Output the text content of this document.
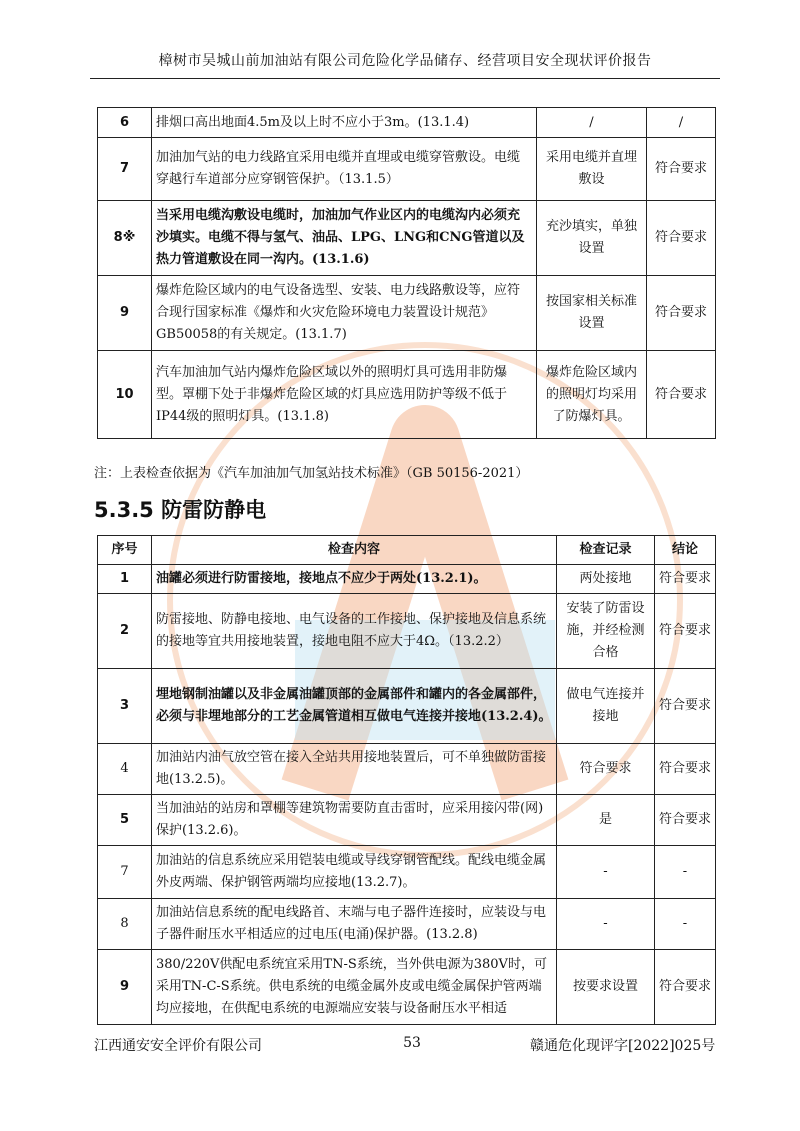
樟树市吴城山前加油站有限公司危险化学品储存、经营项目安全现状评价报告
6	排烟口高出地面4.5m及以上时不应小于3m。(13.1.4)	/	/
7	加油加气站的电力线路宜采用电缆并直埋或电缆穿管敷设。电缆穿越行车道部分应穿钢管保护。（13.1.5）	采用电缆并直埋敷设	符合要求
8※	当采用电缆沟敷设电缆时，加油加气作业区内的电缆沟内必须充沙填实。电缆不得与氢气、油品、LPG、LNG和CNG管道以及热力管道敷设在同一沟内。(13.1.6)	充沙填实，单独设置	符合要求
9	爆炸危险区域内的电气设备选型、安装、电力线路敷设等，应符合现行国家标准《爆炸和火灾危险环境电力装置设计规范》GB50058的有关规定。(13.1.7)	按国家相关标准设置	符合要求
10	汽车加油加气站内爆炸危险区域以外的照明灯具可选用非防爆型。罩棚下处于非爆炸危险区域的灯具应选用防护等级不低于IP44级的照明灯具。(13.1.8)	爆炸危险区域内的照明灯均采用了防爆灯具。	符合要求
注：上表检查依据为《汽车加油加气加氢站技术标准》（GB 50156-2021）
5.3.5 防雷防静电
序号	检查内容	检查记录	结论
1	油罐必须进行防雷接地，接地点不应少于两处(13.2.1)。	两处接地	符合要求
2	防雷接地、防静电接地、电气设备的工作接地、保护接地及信息系统的接地等宜共用接地装置，接地电阻不应大于4Ω。（13.2.2）	安装了防雷设施，并经检测合格	符合要求
3	埋地钢制油罐以及非金属油罐顶部的金属部件和罐内的各金属部件，必须与非埋地部分的工艺金属管道相互做电气连接并接地(13.2.4)。	做电气连接并接地	符合要求
4	加油站内油气放空管在接入全站共用接地装置后，可不单独做防雷接地(13.2.5)。	符合要求	符合要求
5	当加油站的站房和罩棚等建筑物需要防直击雷时，应采用接闪带(网)保护(13.2.6)。	是	符合要求
7	加油站的信息系统应采用铠装电缆或导线穿钢管配线。配线电缆金属外皮两端、保护钢管两端均应接地(13.2.7)。	-	-
8	加油站信息系统的配电线路首、末端与电子器件连接时，应装设与电子器件耐压水平相适应的过电压(电涌)保护器。(13.2.8)	-	-
9	380/220V供配电系统宜采用TN-S系统，当外供电源为380V时，可采用TN-C-S系统。供电系统的电缆金属外皮或电缆金属保护管两端均应接地，在供配电系统的电源端应安装与设备耐压水平相适	按要求设置	符合要求
江西通安安全评价有限公司	53	赣通危化现评字[2022]025号
